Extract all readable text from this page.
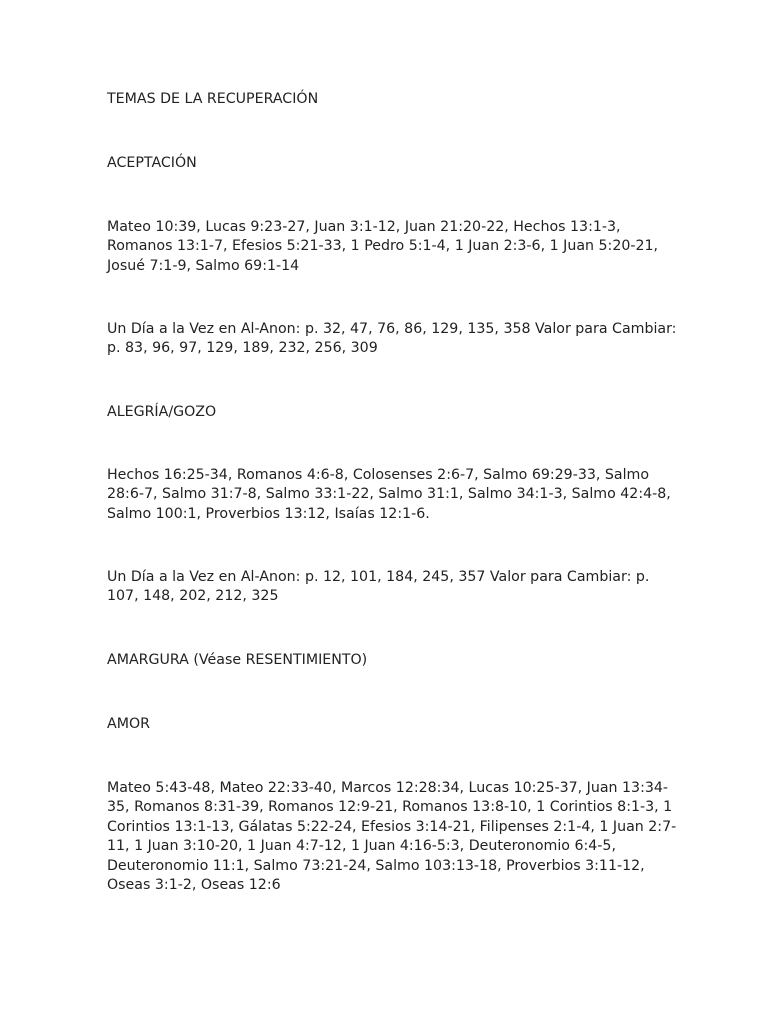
TEMAS DE LA RECUPERACIÓN

ACEPTACIÓN

Mateo 10:39, Lucas 9:23-27, Juan 3:1-12, Juan 21:20-22, Hechos 13:1-3,
Romanos 13:1-7, Efesios 5:21-33, 1 Pedro 5:1-4, 1 Juan 2:3-6, 1 Juan 5:20-21,
Josué 7:1-9, Salmo 69:1-14
Un Día a la Vez en Al-Anon: p. 32, 47, 76, 86, 129, 135, 358 Valor para Cambiar:
p. 83, 96, 97, 129, 189, 232, 256, 309

ALEGRÍA/GOZO

Hechos 16:25-34, Romanos 4:6-8, Colosenses 2:6-7, Salmo 69:29-33, Salmo
28:6-7, Salmo 31:7-8, Salmo 33:1-22, Salmo 31:1, Salmo 34:1-3, Salmo 42:4-8,
Salmo 100:1, Proverbios 13:12, Isaías 12:1-6.
Un Día a la Vez en Al-Anon: p. 12, 101, 184, 245, 357 Valor para Cambiar: p.
107, 148, 202, 212, 325

AMARGURA (Véase RESENTIMIENTO)

AMOR

Mateo 5:43-48, Mateo 22:33-40, Marcos 12:28:34, Lucas 10:25-37, Juan 13:34-
35, Romanos 8:31-39, Romanos 12:9-21, Romanos 13:8-10, 1 Corintios 8:1-3, 1
Corintios 13:1-13, Gálatas 5:22-24, Efesios 3:14-21, Filipenses 2:1-4, 1 Juan 2:7-
11, 1 Juan 3:10-20, 1 Juan 4:7-12, 1 Juan 4:16-5:3, Deuteronomio 6:4-5,
Deuteronomio 11:1, Salmo 73:21-24, Salmo 103:13-18, Proverbios 3:11-12,
Oseas 3:1-2, Oseas 12:6
